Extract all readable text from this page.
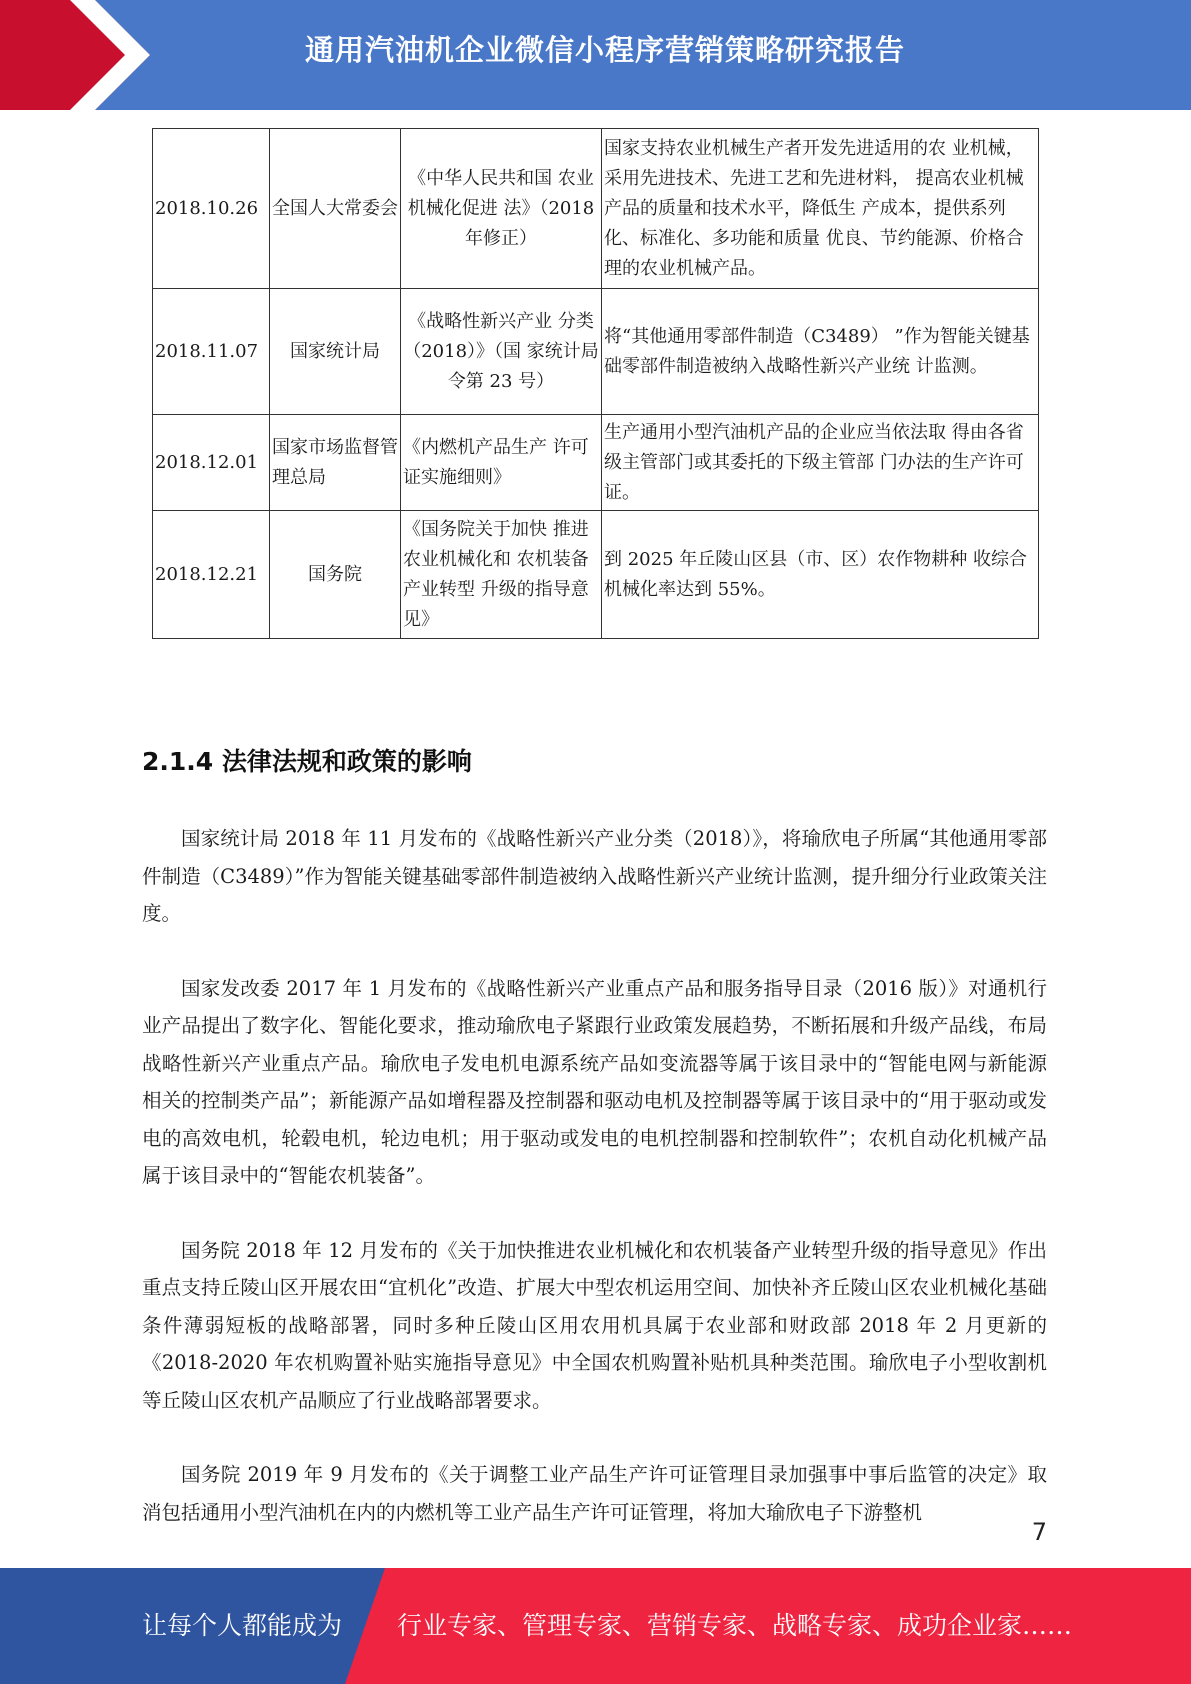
通用汽油机企业微信小程序营销策略研究报告
2018.10.26	全国人大常委会	《中华人民共和国 农业机械化促进 法》（2018 年修正）	国家支持农业机械生产者开发先进适用的农 业机械，采用先进技术、先进工艺和先进材料， 提高农业机械产品的质量和技术水平，降低生 产成本，提供系列化、标准化、多功能和质量 优良、节约能源、价格合理的农业机械产品。
2018.11.07	国家统计局	《战略性新兴产业 分类（2018）》（国 家统计局令第 23 号）	将“其他通用零部件制造（C3489） ”作为智能关键基础零部件制造被纳入战略性新兴产业统 计监测。
2018.12.01	国家市场监督管理总局	《内燃机产品生产 许可证实施细则》	生产通用小型汽油机产品的企业应当依法取 得由各省级主管部门或其委托的下级主管部 门办法的生产许可证。
2018.12.21	国务院	《国务院关于加快 推进农业机械化和 农机装备产业转型 升级的指导意见》	到 2025 年丘陵山区县（市、区）农作物耕种 收综合机械化率达到 55%。
2.1.4 法律法规和政策的影响

国家统计局 2018 年 11 月发布的《战略性新兴产业分类（2018）》，将瑜欣电子所属“其他通用零部件制造（C3489）”作为智能关键基础零部件制造被纳入战略性新兴产业统计监测，提升细分行业政策关注度。

国家发改委 2017 年 1 月发布的《战略性新兴产业重点产品和服务指导目录（2016 版）》对通机行业产品提出了数字化、智能化要求，推动瑜欣电子紧跟行业政策发展趋势，不断拓展和升级产品线，布局战略性新兴产业重点产品。瑜欣电子发电机电源系统产品如变流器等属于该目录中的“智能电网与新能源相关的控制类产品”；新能源产品如增程器及控制器和驱动电机及控制器等属于该目录中的“用于驱动或发电的高效电机，轮毂电机，轮边电机；用于驱动或发电的电机控制器和控制软件”；农机自动化机械产品属于该目录中的“智能农机装备”。

国务院 2018 年 12 月发布的《关于加快推进农业机械化和农机装备产业转型升级的指导意见》作出重点支持丘陵山区开展农田“宜机化”改造、扩展大中型农机运用空间、加快补齐丘陵山区农业机械化基础条件薄弱短板的战略部署，同时多种丘陵山区用农用机具属于农业部和财政部 2018 年 2 月更新的《2018-2020 年农机购置补贴实施指导意见》中全国农机购置补贴机具种类范围。瑜欣电子小型收割机等丘陵山区农机产品顺应了行业战略部署要求。

国务院 2019 年 9 月发布的《关于调整工业产品生产许可证管理目录加强事中事后监管的决定》取消包括通用小型汽油机在内的内燃机等工业产品生产许可证管理，将加大瑜欣电子下游整机

7
让每个人都能成为 行业专家、管理专家、营销专家、战略专家、成功企业家……
